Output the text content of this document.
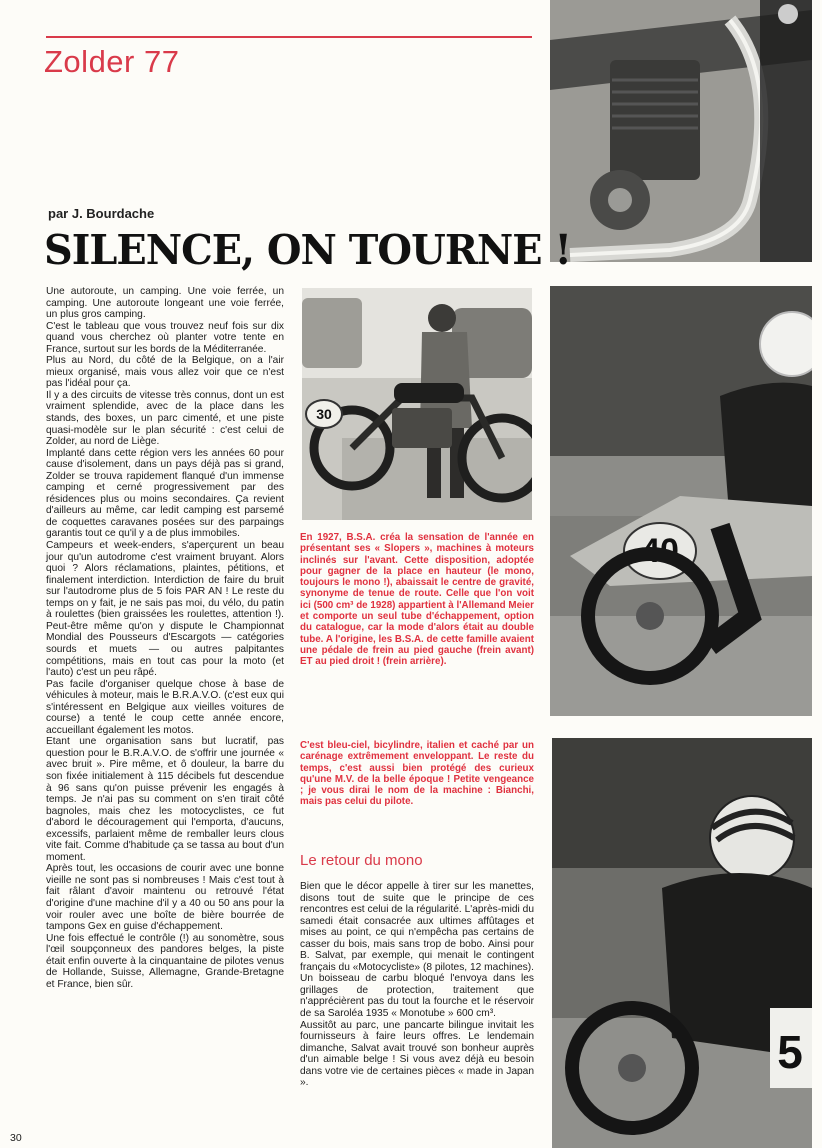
Zolder 77

par J. Bourdache

SILENCE, ON TOURNE !

Une autoroute, un camping. Une voie ferrée, un camping. Une autoroute longeant une voie ferrée, un plus gros camping.

C'est le tableau que vous trouvez neuf fois sur dix quand vous cherchez où planter votre tente en France, surtout sur les bords de la Méditerranée.

Plus au Nord, du côté de la Belgique, on a l'air mieux organisé, mais vous allez voir que ce n'est pas l'idéal pour ça.

Il y a des circuits de vitesse très connus, dont un est vraiment splendide, avec de la place dans les stands, des boxes, un parc cimenté, et une piste quasi-modèle sur le plan sécurité : c'est celui de Zolder, au nord de Liège.

Implanté dans cette région vers les années 60 pour cause d'isolement, dans un pays déjà pas si grand, Zolder se trouva rapidement flanqué d'un immense camping et cerné progressivement par des résidences plus ou moins secondaires. Ça revient d'ailleurs au même, car ledit camping est parsemé de coquettes caravanes posées sur des parpaings garantis tout ce qu'il y a de plus immobiles.

Campeurs et week-enders, s'aperçurent un beau jour qu'un autodrome c'est vraiment bruyant. Alors quoi ? Alors réclamations, plaintes, pétitions, et finalement interdiction. Interdiction de faire du bruit sur l'autodrome plus de 5 fois PAR AN ! Le reste du temps on y fait, je ne sais pas moi, du vélo, du patin à roulettes (bien graissées les roulettes, attention !). Peut-être même qu'on y dispute le Championnat Mondial des Pousseurs d'Escargots — catégories sourds et muets — ou autres palpitantes compétitions, mais en tout cas pour la moto (et l'auto) c'est un peu râpé.

Pas facile d'organiser quelque chose à base de véhicules à moteur, mais le B.R.A.V.O. (c'est eux qui s'intéressent en Belgique aux vieilles voitures de course) a tenté le coup cette année encore, accueillant également les motos.

Etant une organisation sans but lucratif, pas question pour le B.R.A.V.O. de s'offrir une journée « avec bruit ». Pire même, et ô douleur, la barre du son fixée initialement à 115 décibels fut descendue à 96 sans qu'on puisse prévenir les engagés à temps. Je n'ai pas su comment on s'en tirait côté bagnoles, mais chez les motocyclistes, ce fut d'abord le découragement qui l'emporta, d'aucuns, excessifs, parlaient même de remballer leurs clous vite fait. Comme d'habitude ça se tassa au bout d'un moment.

Après tout, les occasions de courir avec une bonne vieille ne sont pas si nombreuses ! Mais c'est tout à fait râlant d'avoir maintenu ou retrouvé l'état d'origine d'une machine d'il y a 40 ou 50 ans pour la voir rouler avec une boîte de bière bourrée de tampons Gex en guise d'échappement.

Une fois effectué le contrôle (!) au sonomètre, sous l'œil soupçonneux des pandores belges, la piste était enfin ouverte à la cinquantaine de pilotes venus de Hollande, Suisse, Allemagne, Grande-Bretagne et France, bien sûr.

30

En 1927, B.S.A. créa la sensation de l'année en présentant ses « Slopers », machines à moteurs inclinés sur l'avant. Cette disposition, adoptée pour gagner de la place en hauteur (le mono, toujours le mono !), abaissait le centre de gravité, synonyme de tenue de route. Celle que l'on voit ici (500 cm³ de 1928) appartient à l'Allemand Meier et comporte un seul tube d'échappement, option du catalogue, car la mode d'alors était au double tube. A l'origine, les B.S.A. de cette famille avaient une pédale de frein au pied gauche (frein avant) ET au pied droit ! (frein arrière).

40

C'est bleu-ciel, bicylindre, italien et caché par un carénage extrêmement enveloppant. Le reste du temps, c'est aussi bien protégé des curieux qu'une M.V. de la belle époque ! Petite vengeance ; je vous dirai le nom de la machine : Bianchi, mais pas celui du pilote.

Le retour du mono

Bien que le décor appelle à tirer sur les manettes, disons tout de suite que le principe de ces rencontres est celui de la régularité. L'après-midi du samedi était consacrée aux ultimes affûtages et mises au point, ce qui n'empêcha pas certains de casser du bois, mais sans trop de bobo. Ainsi pour B. Salvat, par exemple, qui menait le contingent français du «Motocycliste» (8 pilotes, 12 machines). Un boisseau de carbu bloqué l'envoya dans les grillages de protection, traitement que n'apprécièrent pas du tout la fourche et le réservoir de sa Saroléa 1935 « Monotube » 600 cm³.

Aussitôt au parc, une pancarte bilingue invitait les fournisseurs à faire leurs offres. Le lendemain dimanche, Salvat avait trouvé son bonheur auprès d'un aimable belge ! Si vous avez déjà eu besoin dans votre vie de certaines pièces « made in Japan ».

5
30
